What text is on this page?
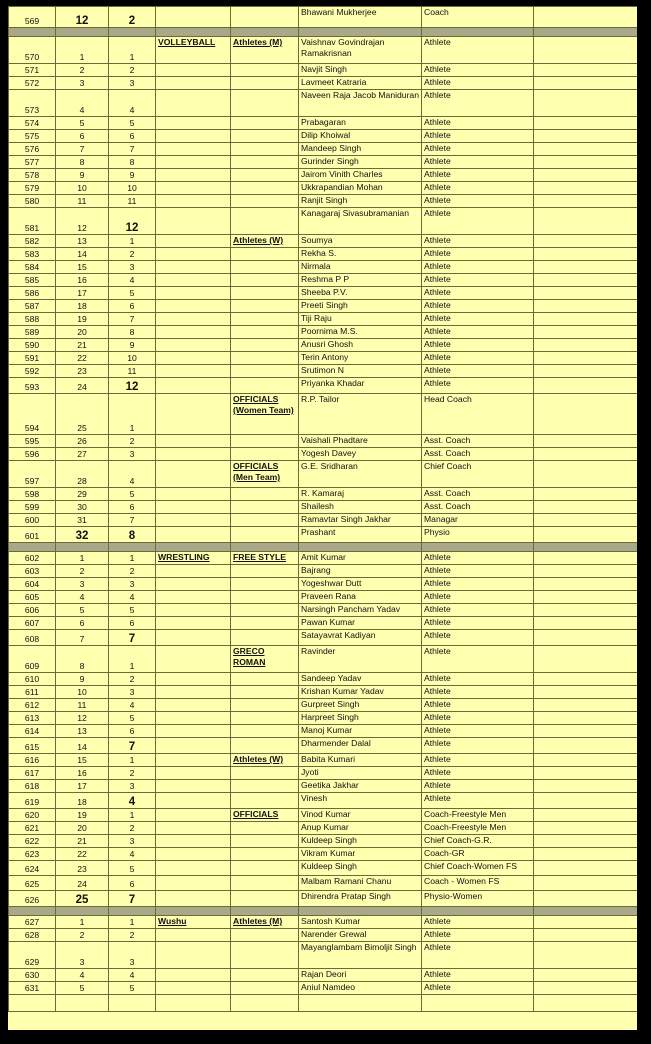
569	12	2			Bhawani Mukherjee	Coach	

570	1	1	VOLLEYBALL	Athletes (M)	Vaishnav Govindrajan Ramakrisnan	Athlete	
571	2	2			Navjit Singh	Athlete	
572	3	3			Lavmeet Katraria	Athlete	
573	4	4			Naveen Raja Jacob Maniduran	Athlete	
574	5	5			Prabagaran	Athlete	
575	6	6			Dilip Khoiwal	Athlete	
576	7	7			Mandeep Singh	Athlete	
577	8	8			Gurinder Singh	Athlete	
578	9	9			Jairom Vinith Charles	Athlete	
579	10	10			Ukkrapandian Mohan	Athlete	
580	11	11			Ranjit Singh	Athlete	
581	12	12			Kanagaraj Sivasubramanian	Athlete	
582	13	1		Athletes (W)	Soumya	Athlete	
583	14	2			Rekha S.	Athlete	
584	15	3			Nirmala	Athlete	
585	16	4			Reshma P P	Athlete	
586	17	5			Sheeba P.V.	Athlete	
587	18	6			Preeti Singh	Athlete	
588	19	7			Tiji Raju	Athlete	
589	20	8			Poornima M.S.	Athlete	
590	21	9			Anusri Ghosh	Athlete	
591	22	10			Terin Antony	Athlete	
592	23	11			Srutimon N	Athlete	
593	24	12			Priyanka Khadar	Athlete	
594	25	1		OFFICIALS (Women Team)	R.P. Tailor	Head Coach	
595	26	2			Vaishali Phadtare	Asst. Coach	
596	27	3			Yogesh Davey	Asst. Coach	
597	28	4		OFFICIALS (Men Team)	G.E. Sridharan	Chief Coach	
598	29	5			R. Kamaraj	Asst. Coach	
599	30	6			Shailesh	Asst. Coach	
600	31	7			Ramavtar Singh Jakhar	Managar	
601	32	8			Prashant	Physio	

602	1	1	WRESTLING	FREE STYLE	Amit Kumar	Athlete	
603	2	2			Bajrang	Athlete	
604	3	3			Yogeshwar Dutt	Athlete	
605	4	4			Praveen Rana	Athlete	
606	5	5			Narsingh Pancham Yadav	Athlete	
607	6	6			Pawan Kumar	Athlete	
608	7	7			Satayavrat Kadiyan	Athlete	
609	8	1		GRECO ROMAN	Ravinder	Athlete	
610	9	2			Sandeep Yadav	Athlete	
611	10	3			Krishan Kumar Yadav	Athlete	
612	11	4			Gurpreet Singh	Athlete	
613	12	5			Harpreet Singh	Athlete	
614	13	6			Manoj Kumar	Athlete	
615	14	7			Dharmender Dalal	Athlete	
616	15	1		Athletes (W)	Babita Kumari	Athlete	
617	16	2			Jyoti	Athlete	
618	17	3			Geetika Jakhar	Athlete	
619	18	4			Vinesh	Athlete	
620	19	1		OFFICIALS	Vinod Kumar	Coach-Freestyle Men	
621	20	2			Anup Kumar	Coach-Freestyle Men	
622	21	3			Kuldeep Singh	Chief Coach-G.R.	
623	22	4			Vikram Kumar	Coach-GR	
624	23	5			Kuldeep Singh	Chief Coach-Women FS	
625	24	6			Malbam Ramani Chanu	Coach - Women FS	
626	25	7			Dhirendra Pratap Singh	Physio-Women	

627	1	1	Wushu	Athletes (M)	Santosh Kumar	Athlete	
628	2	2			Narender Grewal	Athlete	
629	3	3			Mayanglambam Bimoljit Singh	Athlete	
630	4	4			Rajan Deori	Athlete	
631	5	5			Aniul Namdeo	Athlete	
